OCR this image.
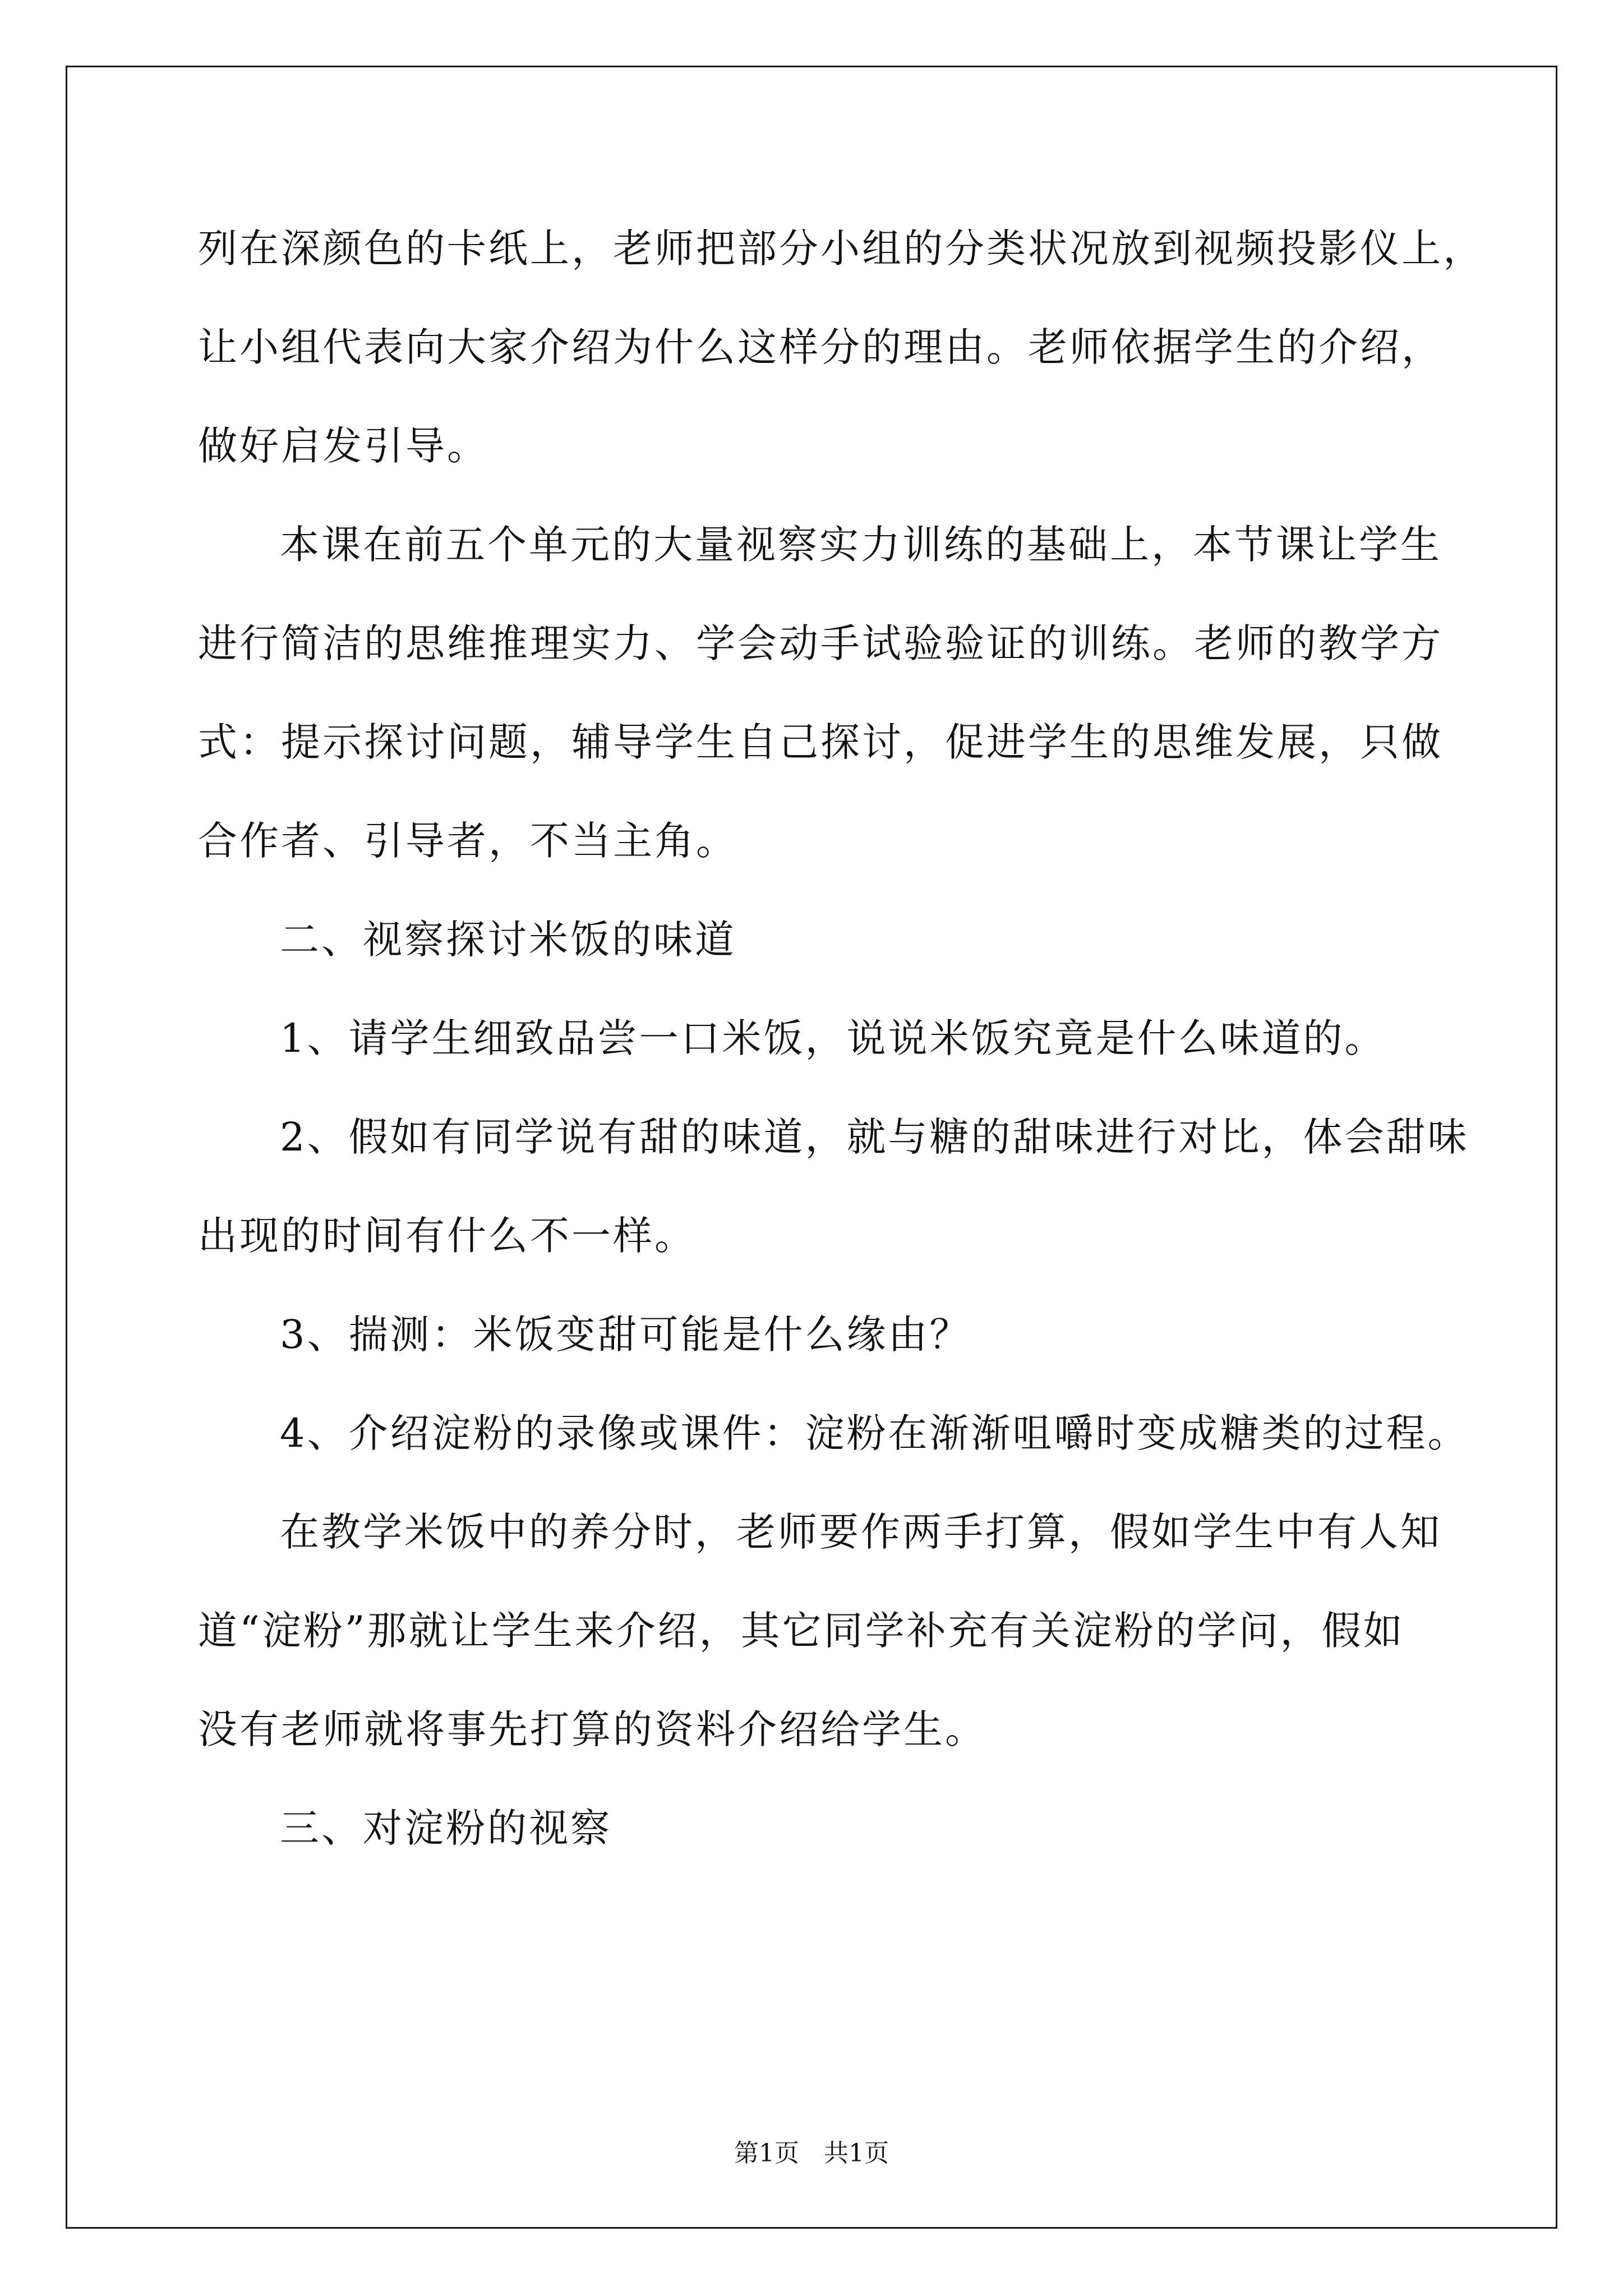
列在深颜色的卡纸上，老师把部分小组的分类状况放到视频投影仪上，
让小组代表向大家介绍为什么这样分的理由。老师依据学生的介绍，
做好启发引导。
本课在前五个单元的大量视察实力训练的基础上，本节课让学生
进行简洁的思维推理实力、学会动手试验验证的训练。老师的教学方
式：提示探讨问题，辅导学生自己探讨，促进学生的思维发展，只做
合作者、引导者，不当主角。
二、视察探讨米饭的味道
1、请学生细致品尝一口米饭，说说米饭究竟是什么味道的。
2、假如有同学说有甜的味道，就与糖的甜味进行对比，体会甜味
出现的时间有什么不一样。
3、揣测：米饭变甜可能是什么缘由？
4、介绍淀粉的录像或课件：淀粉在渐渐咀嚼时变成糖类的过程。
在教学米饭中的养分时，老师要作两手打算，假如学生中有人知
道“淀粉”那就让学生来介绍，其它同学补充有关淀粉的学问，假如
没有老师就将事先打算的资料介绍给学生。
三、对淀粉的视察
第1页　共1页
